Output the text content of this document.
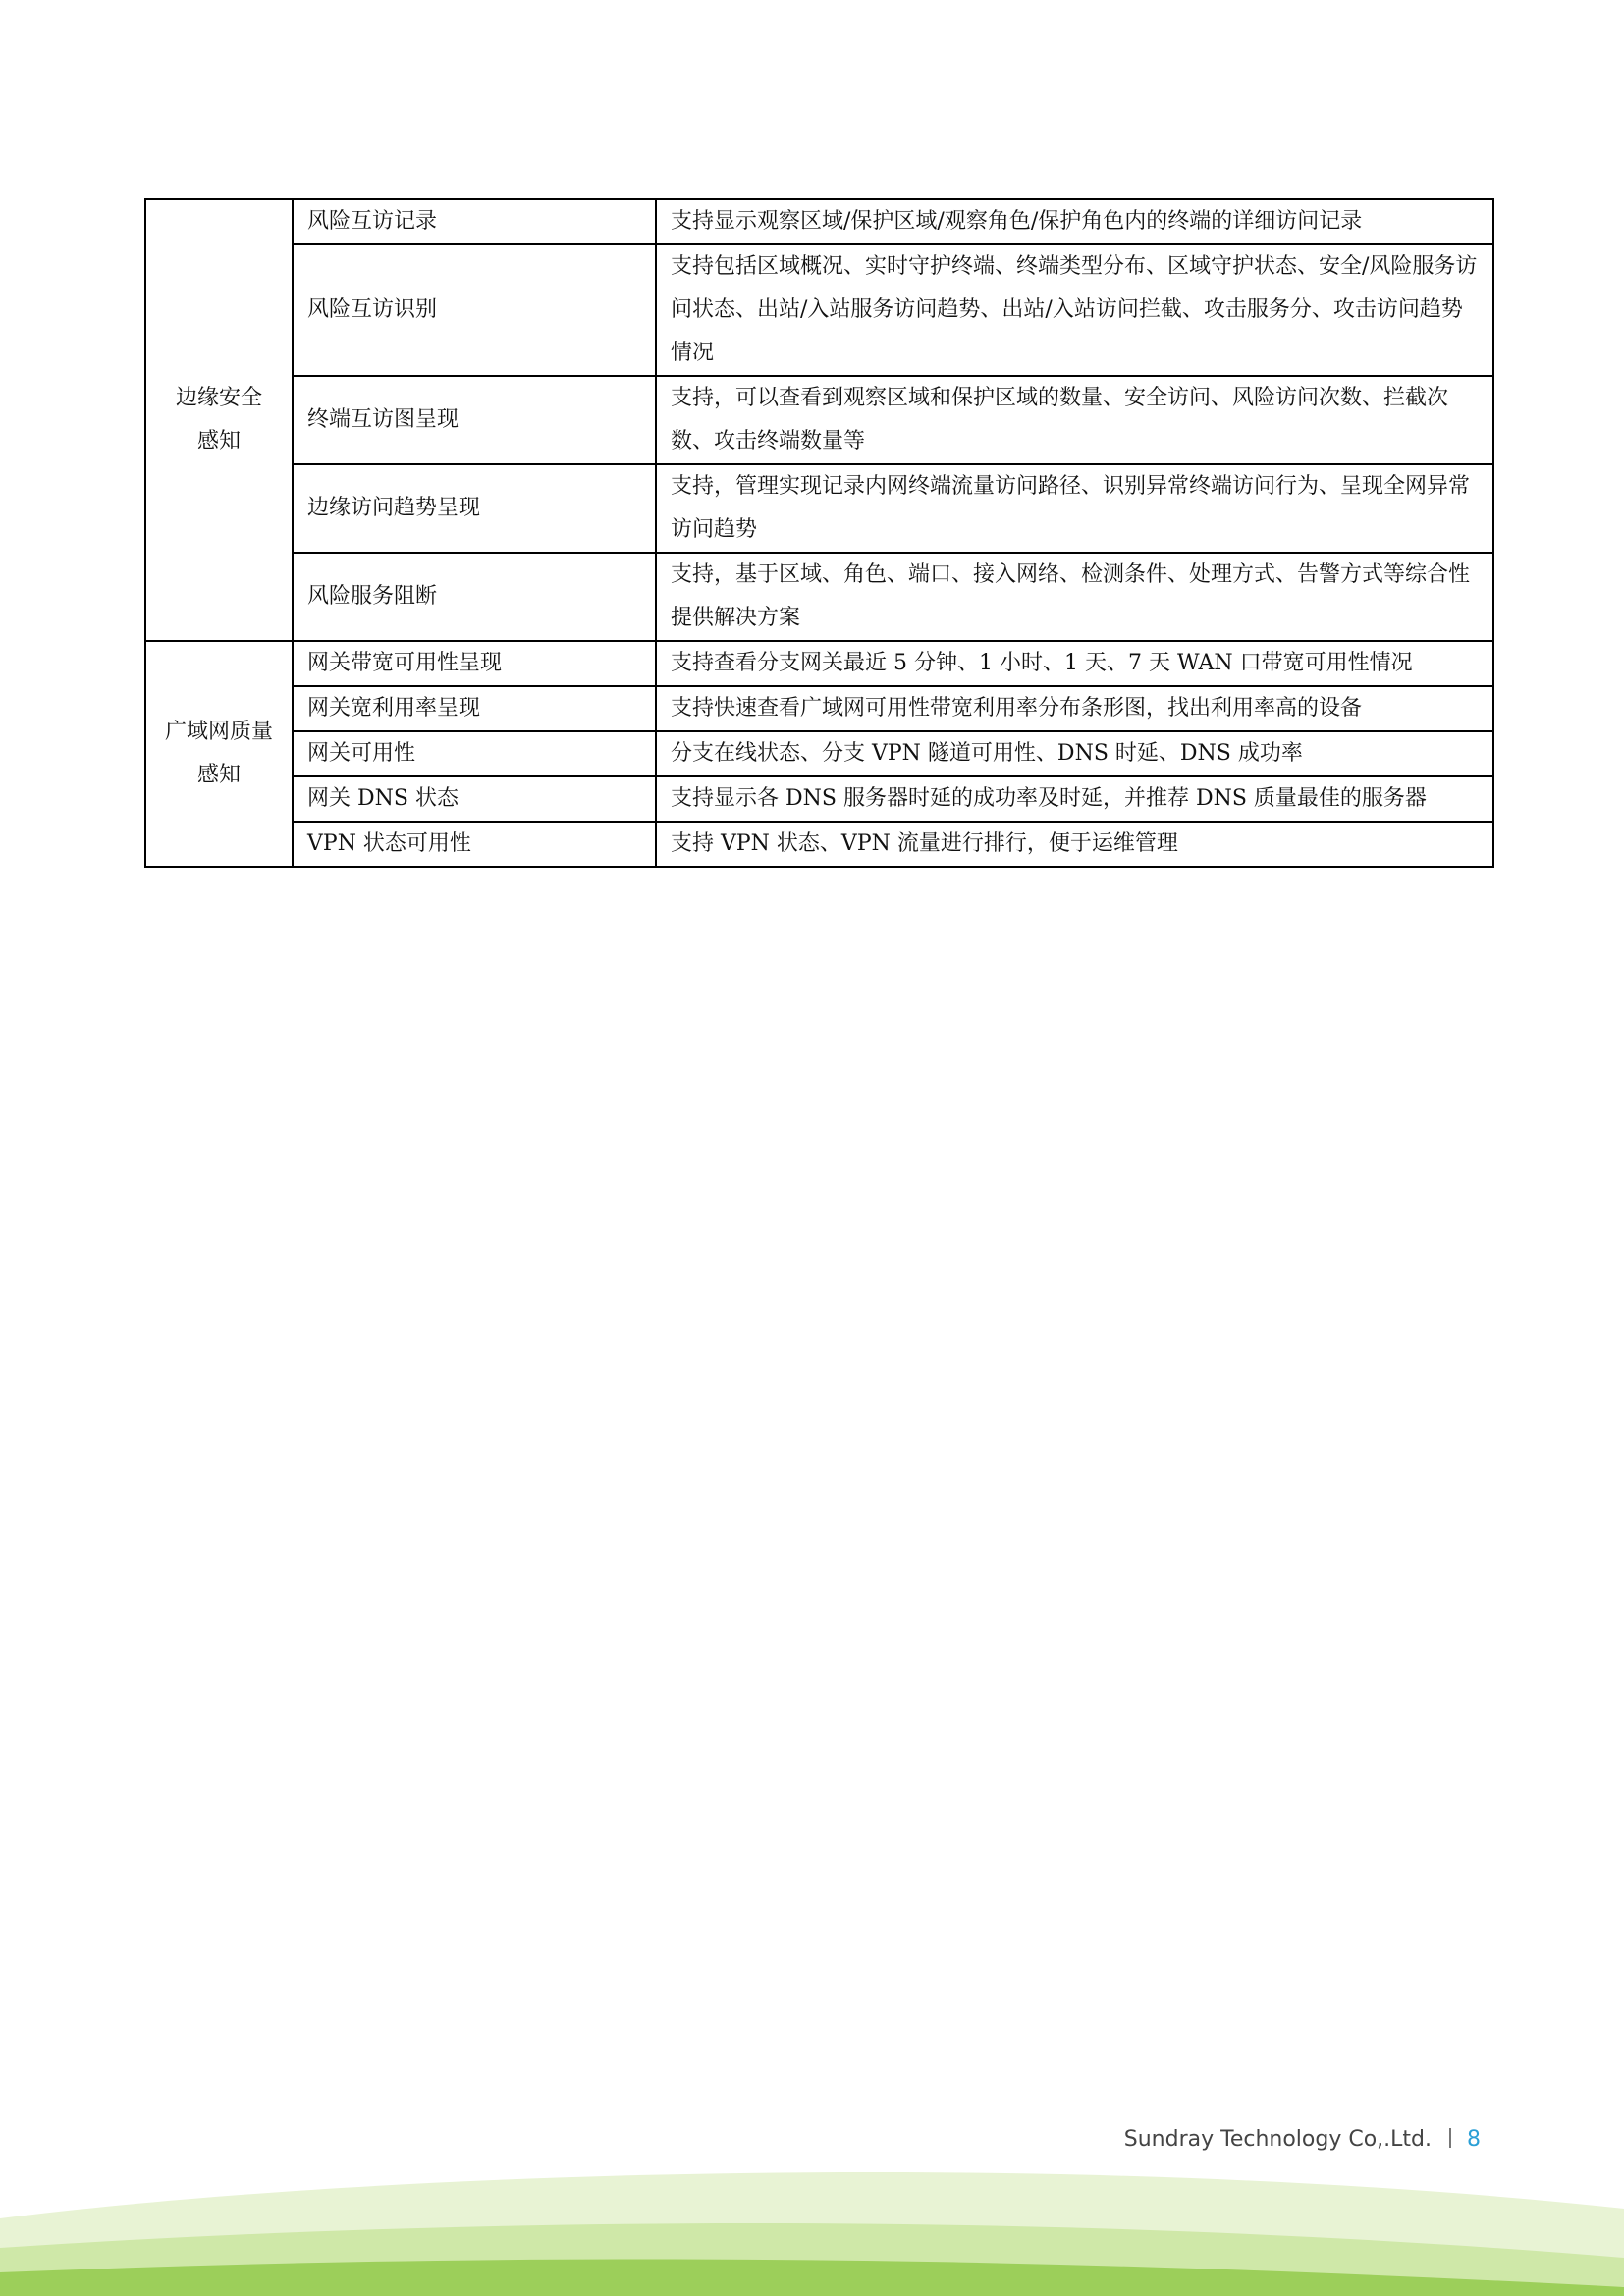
边缘安全
感知	风险互访记录	支持显示观察区域/保护区域/观察角色/保护角色内的终端的详细访问记录
	风险互访识别	支持包括区域概况、实时守护终端、终端类型分布、区域守护状态、安全/风险服务访问状态、出站/入站服务访问趋势、出站/入站访问拦截、攻击服务分、攻击访问趋势情况
	终端互访图呈现	支持，可以查看到观察区域和保护区域的数量、安全访问、风险访问次数、拦截次数、攻击终端数量等
	边缘访问趋势呈现	支持，管理实现记录内网终端流量访问路径、识别异常终端访问行为、呈现全网异常访问趋势
	风险服务阻断	支持，基于区域、角色、端口、接入网络、检测条件、处理方式、告警方式等综合性提供解决方案

广域网质量
感知	网关带宽可用性呈现	支持查看分支网关最近 5 分钟、1 小时、1 天、7 天 WAN 口带宽可用性情况
	网关宽利用率呈现	支持快速查看广域网可用性带宽利用率分布条形图，找出利用率高的设备
	网关可用性	分支在线状态、分支 VPN 隧道可用性、DNS 时延、DNS 成功率
	网关 DNS 状态	支持显示各 DNS 服务器时延的成功率及时延，并推荐 DNS 质量最佳的服务器
	VPN 状态可用性	支持 VPN 状态、VPN 流量进行排行，便于运维管理
Sundray Technology Co,.Ltd. 8
